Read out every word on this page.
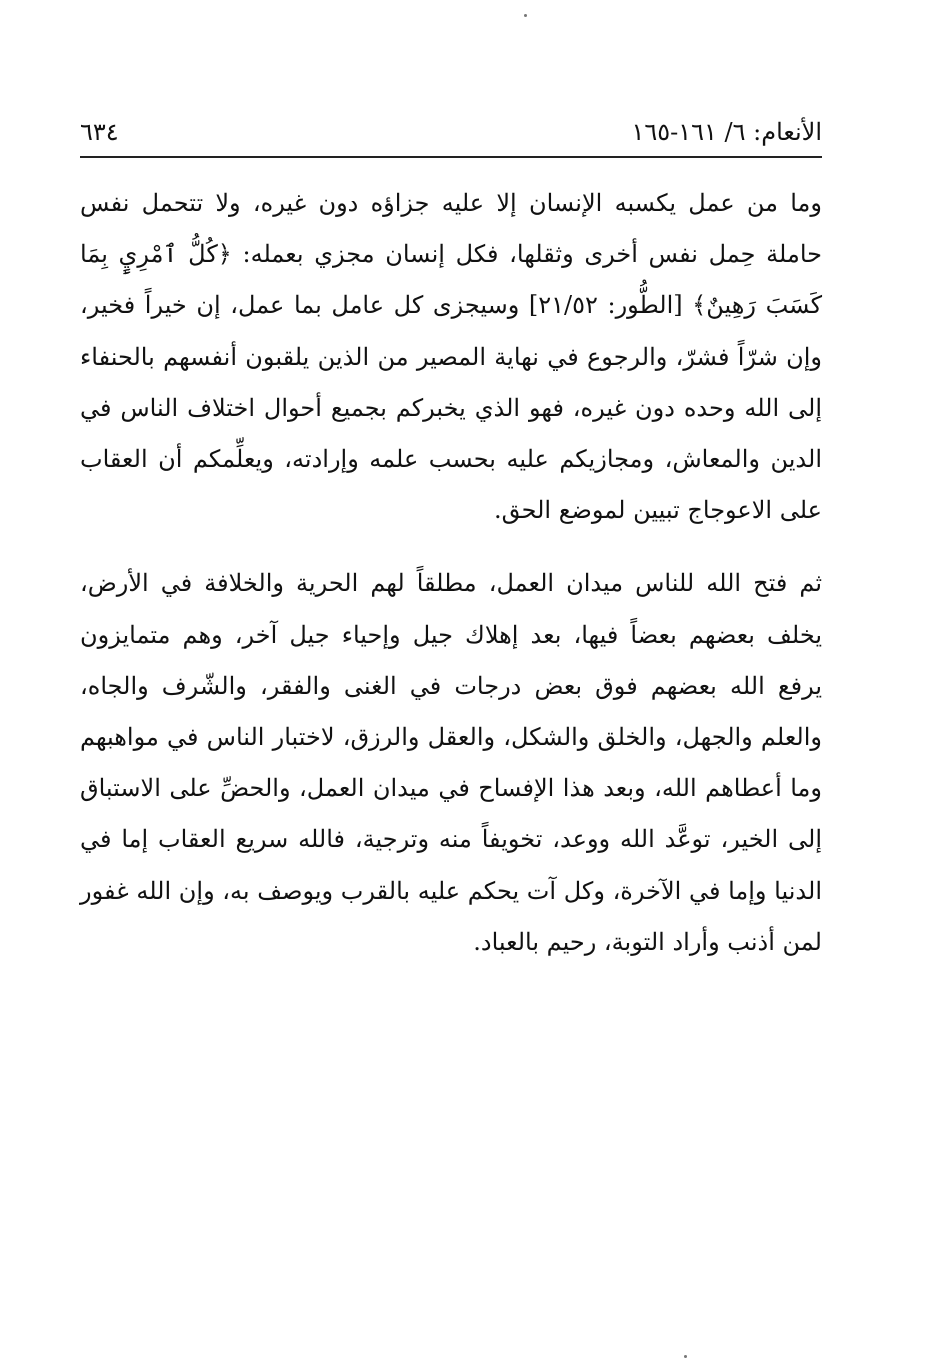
الأنعام: ٦/ ١٦١-١٦٥
٦٣٤

وما من عمل يكسبه الإنسان إلا عليه جزاؤه دون غيره، ولا تتحمل نفس حاملة حِمل نفس أخرى وثقلها، فكل إنسان مجزي بعمله: ﴿كُلُّ ٱمْرِيٍٕ بِمَا كَسَبَ رَهِينٌ﴾ [الطُّور: ٢١/٥٢] وسيجزى كل عامل بما عمل، إن خيراً فخير، وإن شرّاً فشرّ، والرجوع في نهاية المصير من الذين يلقبون أنفسهم بالحنفاء إلى الله وحده دون غيره، فهو الذي يخبركم بجميع أحوال اختلاف الناس في الدين والمعاش، ومجازيكم عليه بحسب علمه وإرادته، ويعلِّمكم أن العقاب على الاعوجاج تبيين لموضع الحق.

ثم فتح الله للناس ميدان العمل، مطلقاً لهم الحرية والخلافة في الأرض، يخلف بعضهم بعضاً فيها، بعد إهلاك جيل وإحياء جيل آخر، وهم متمايزون يرفع الله بعضهم فوق بعض درجات في الغنى والفقر، والشّرف والجاه، والعلم والجهل، والخلق والشكل، والعقل والرزق، لاختبار الناس في مواهبهم وما أعطاهم الله، وبعد هذا الإفساح في ميدان العمل، والحضِّ على الاستباق إلى الخير، توعَّد الله ووعد، تخويفاً منه وترجية، فالله سريع العقاب إما في الدنيا وإما في الآخرة، وكل آت يحكم عليه بالقرب ويوصف به، وإن الله غفور لمن أذنب وأراد التوبة، رحيم بالعباد.
